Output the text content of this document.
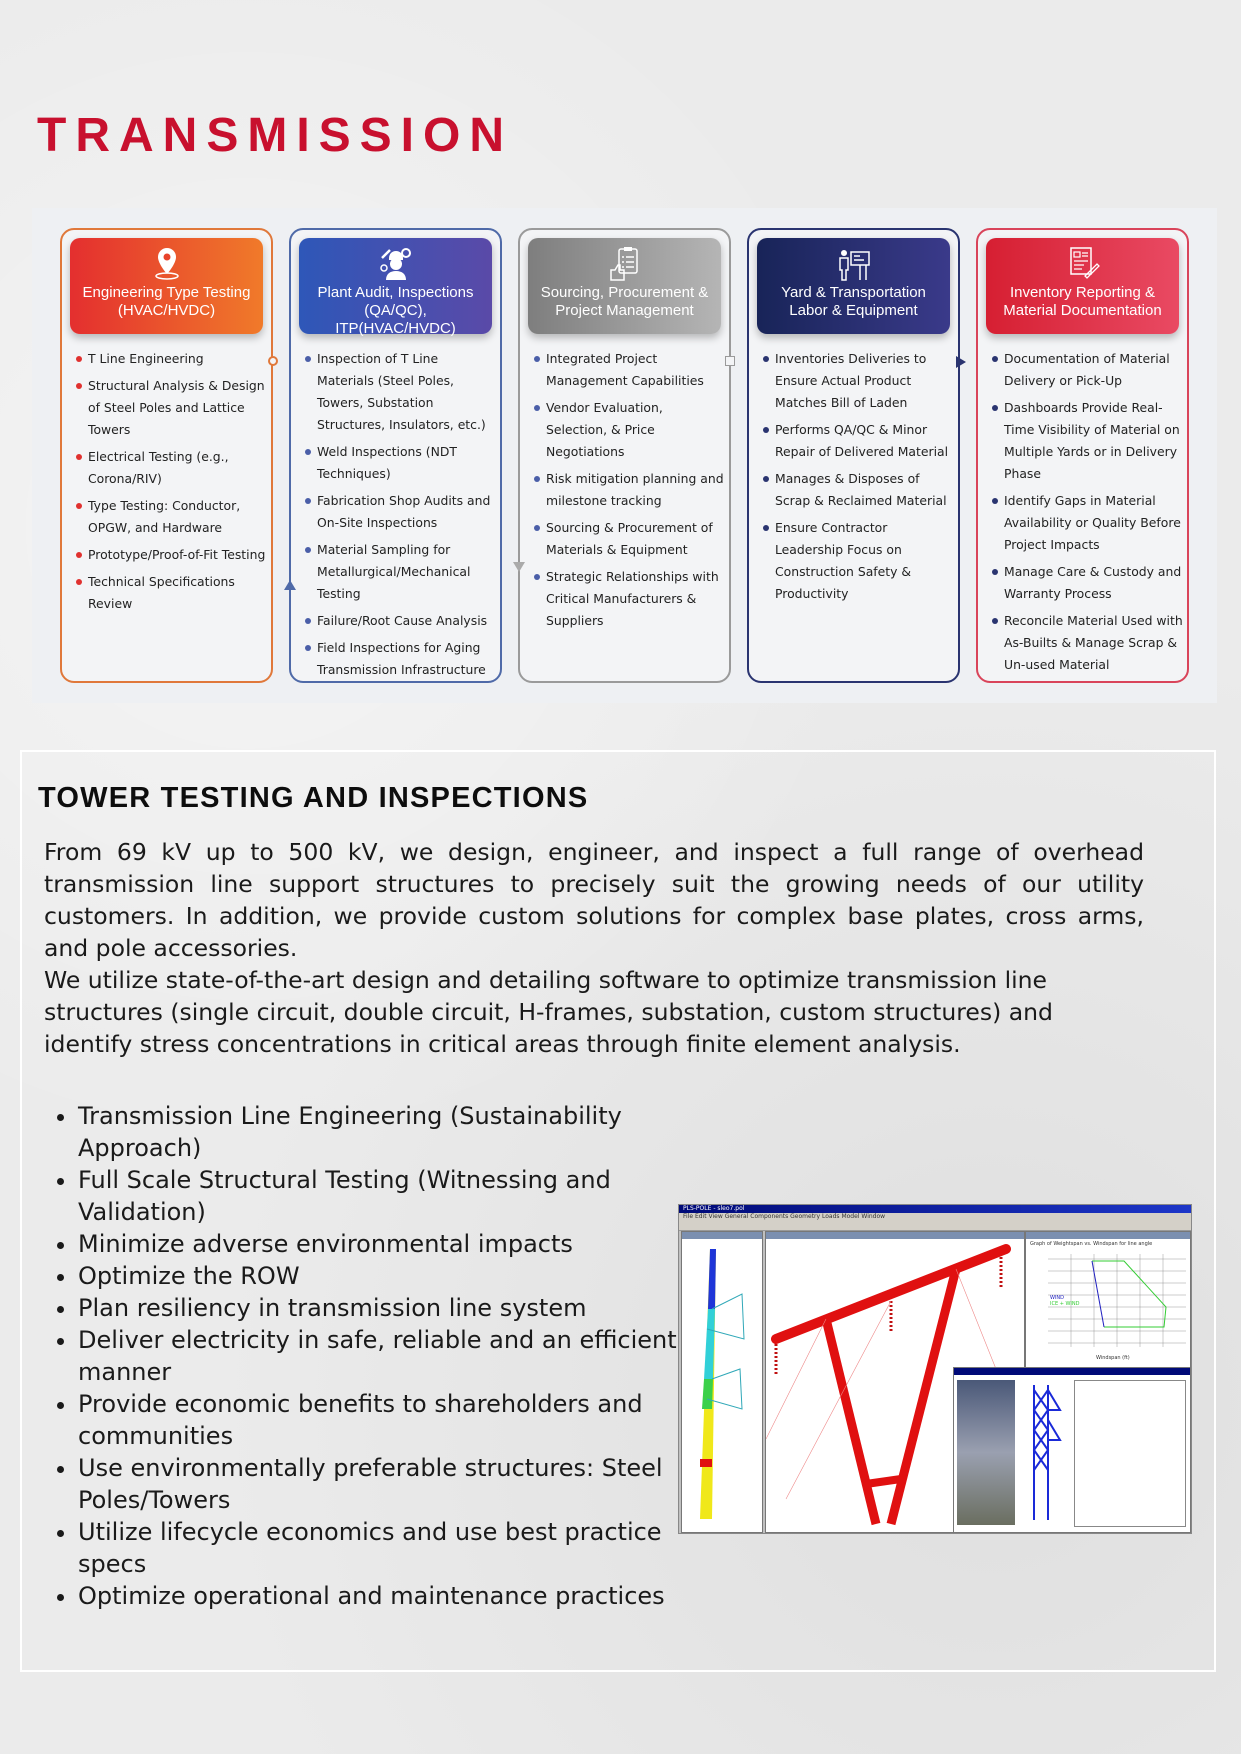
TRANSMISSION
Engineering Type Testing (HVAC/HVDC)
T Line Engineering
Structural Analysis & Design of Steel Poles and Lattice Towers
Electrical Testing (e.g., Corona/RIV)
Type Testing: Conductor, OPGW, and Hardware
Prototype/Proof-of-Fit Testing
Technical Specifications Review
Plant Audit, Inspections (QA/QC), ITP(HVAC/HVDC)
Inspection of T Line Materials (Steel Poles, Towers, Substation Structures, Insulators, etc.)
Weld Inspections (NDT Techniques)
Fabrication Shop Audits and On-Site Inspections
Material Sampling for Metallurgical/Mechanical Testing
Failure/Root Cause Analysis
Field Inspections for Aging Transmission Infrastructure
Sourcing, Procurement & Project Management
Integrated Project Management Capabilities
Vendor Evaluation, Selection, & Price Negotiations
Risk mitigation planning and milestone tracking
Sourcing & Procurement of Materials & Equipment
Strategic Relationships with Critical Manufacturers & Suppliers
Yard & Transportation Labor & Equipment
Inventories Deliveries to Ensure Actual Product Matches Bill of Laden
Performs QA/QC & Minor Repair of Delivered Material
Manages & Disposes of Scrap & Reclaimed Material
Ensure Contractor Leadership Focus on Construction Safety & Productivity
Inventory Reporting & Material Documentation
Documentation of Material Delivery or Pick-Up
Dashboards Provide Real-Time Visibility of Material on Multiple Yards or in Delivery Phase
Identify Gaps in Material Availability or Quality Before Project Impacts
Manage Care & Custody and Warranty Process
Reconcile Material Used with As-Builts & Manage Scrap & Un-used Material
TOWER TESTING AND INSPECTIONS

From 69 kV up to 500 kV, we design, engineer, and inspect a full range of overhead transmission line support structures to precisely suit the growing needs of our utility customers. In addition, we provide custom solutions for complex base plates, cross arms, and pole accessories.

We utilize state-of-the-art design and detailing software to optimize transmission line structures (single circuit, double circuit, H-frames, substation, custom structures) and identify stress concentrations in critical areas through finite element analysis.

• Transmission Line Engineering (Sustainability Approach)
• Full Scale Structural Testing (Witnessing and Validation)
• Minimize adverse environmental impacts
• Optimize the ROW
• Plan resiliency in transmission line system
• Deliver electricity in safe, reliable and an efficient manner
• Provide economic benefits to shareholders and communities
• Use environmentally preferable structures: Steel Poles/Towers
• Utilize lifecycle economics and use best practice specs
• Optimize operational and maintenance practices
PLS-POLE - sleo7.pol
File Edit View General Components Geometry Loads Model Window
Graph of Weightspan vs. Windspan for line angle
WIND
ICE + WIND
Windspan (ft)
